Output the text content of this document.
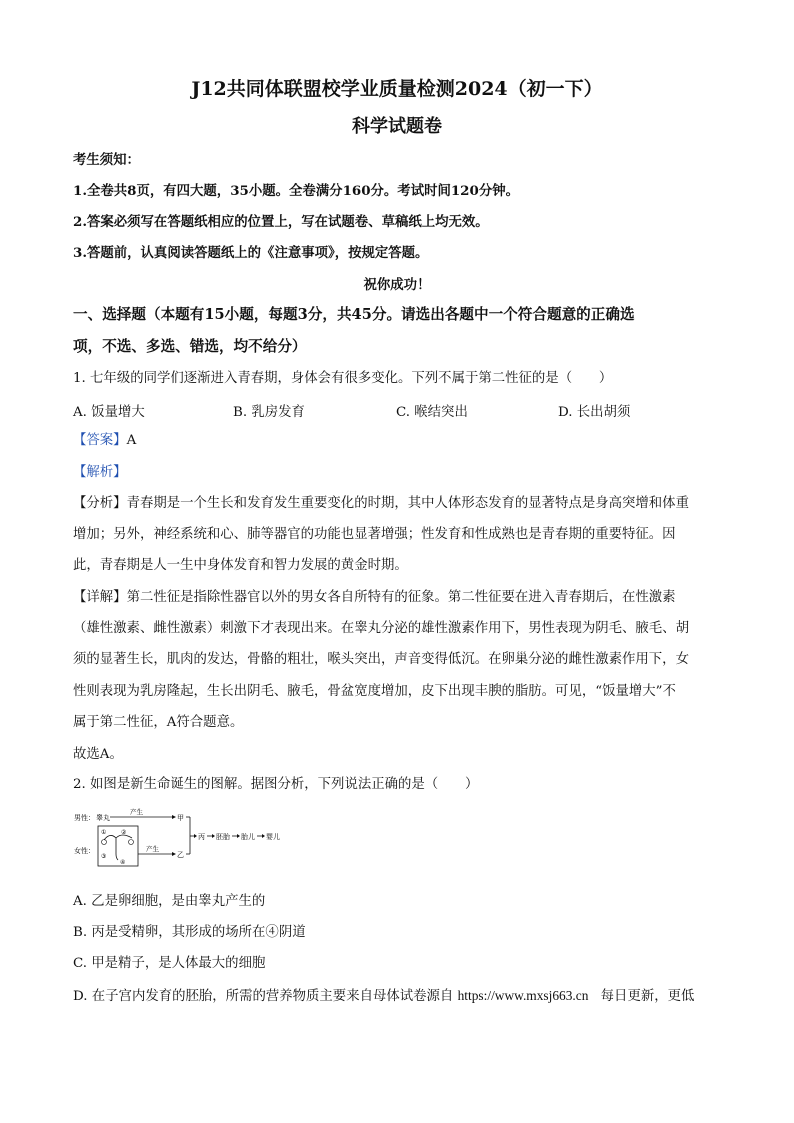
J12共同体联盟校学业质量检测2024（初一下）
科学试题卷
考生须知：
1.全卷共8页，有四大题，35小题。全卷满分160分。考试时间120分钟。
2.答案必须写在答题纸相应的位置上，写在试题卷、草稿纸上均无效。
3.答题前，认真阅读答题纸上的《注意事项》，按规定答题。
祝你成功！
一、选择题（本题有15小题，每题3分，共45分。请选出各题中一个符合题意的正确选
项，不选、多选、错选，均不给分）
1. 七年级的同学们逐渐进入青春期，身体会有很多变化。下列不属于第二性征的是（　　）
A. 饭量增大	B. 乳房发育	C. 喉结突出	D. 长出胡须
【答案】A
【解析】
【分析】青春期是一个生长和发育发生重要变化的时期，其中人体形态发育的显著特点是身高突增和体重
增加；另外，神经系统和心、肺等器官的功能也显著增强；性发育和性成熟也是青春期的重要特征。因
此，青春期是人一生中身体发育和智力发展的黄金时期。
【详解】第二性征是指除性器官以外的男女各自所特有的征象。第二性征要在进入青春期后，在性激素
（雄性激素、雌性激素）刺激下才表现出来。在睾丸分泌的雄性激素作用下，男性表现为阴毛、腋毛、胡
须的显著生长，肌肉的发达，骨骼的粗壮，喉头突出，声音变得低沉。在卵巢分泌的雌性激素作用下，女
性则表现为乳房隆起，生长出阴毛、腋毛，骨盆宽度增加，皮下出现丰腴的脂肪。可见，“饭量增大”不
属于第二性征，A符合题意。
故选A。
2. 如图是新生命诞生的图解。据图分析，下列说法正确的是（　　）
男性： 睾丸
产生
甲
女性：
① ②
③
④
产生
乙
丙 胚胎 胎儿 婴儿
A. 乙是卵细胞，是由睾丸产生的
B. 丙是受精卵，其形成的场所在④阴道
C. 甲是精子，是人体最大的细胞
D. 在子宫内发育的胚胎，所需的营养物质主要来自母体试卷源自 https://www.mxsj663.cn 每日更新，更低
